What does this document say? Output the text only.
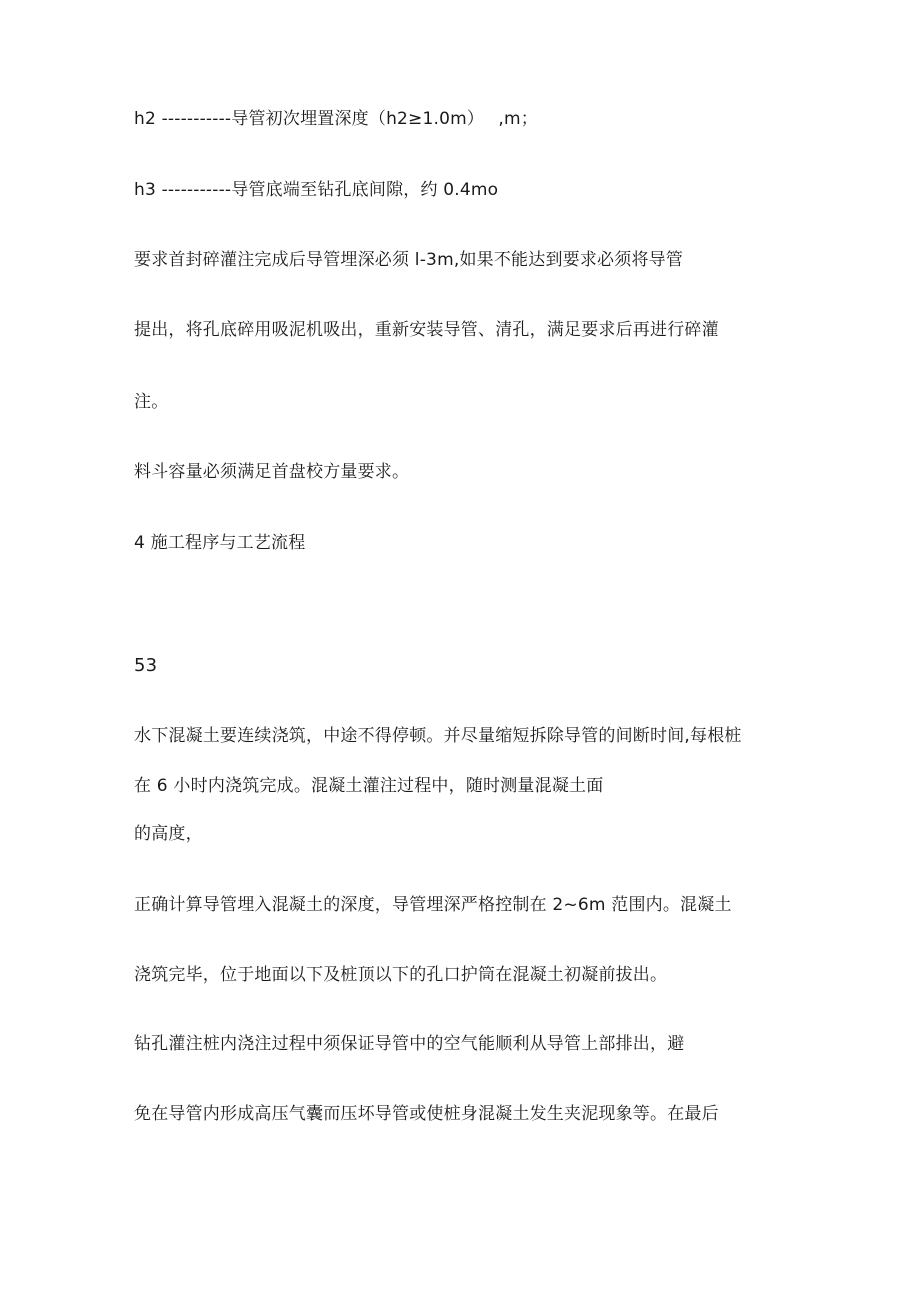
h2 -----------导管初次埋置深度（h2≥1.0m）　 ,m；
h3 -----------导管底端至钻孔底间隙，约 0.4mo
要求首封碎灌注完成后导管埋深必须 l-3m,如果不能达到要求必须将导管
提出，将孔底碎用吸泥机吸出，重新安装导管、清孔，满足要求后再进行碎灌
注。
料斗容量必须满足首盘校方量要求。
4 施工程序与工艺流程
53
水下混凝土要连续浇筑，中途不得停顿。并尽量缩短拆除导管的间断时间,每根桩
在 6 小时内浇筑完成。混凝土灌注过程中，随时测量混凝土面
的高度，
正确计算导管埋入混凝土的深度，导管埋深严格控制在 2~6m 范围内。混凝土
浇筑完毕，位于地面以下及桩顶以下的孔口护筒在混凝土初凝前拔出。
钻孔灌注桩内浇注过程中须保证导管中的空气能顺利从导管上部排出，避
免在导管内形成高压气囊而压坏导管或使桩身混凝土发生夹泥现象等。在最后
